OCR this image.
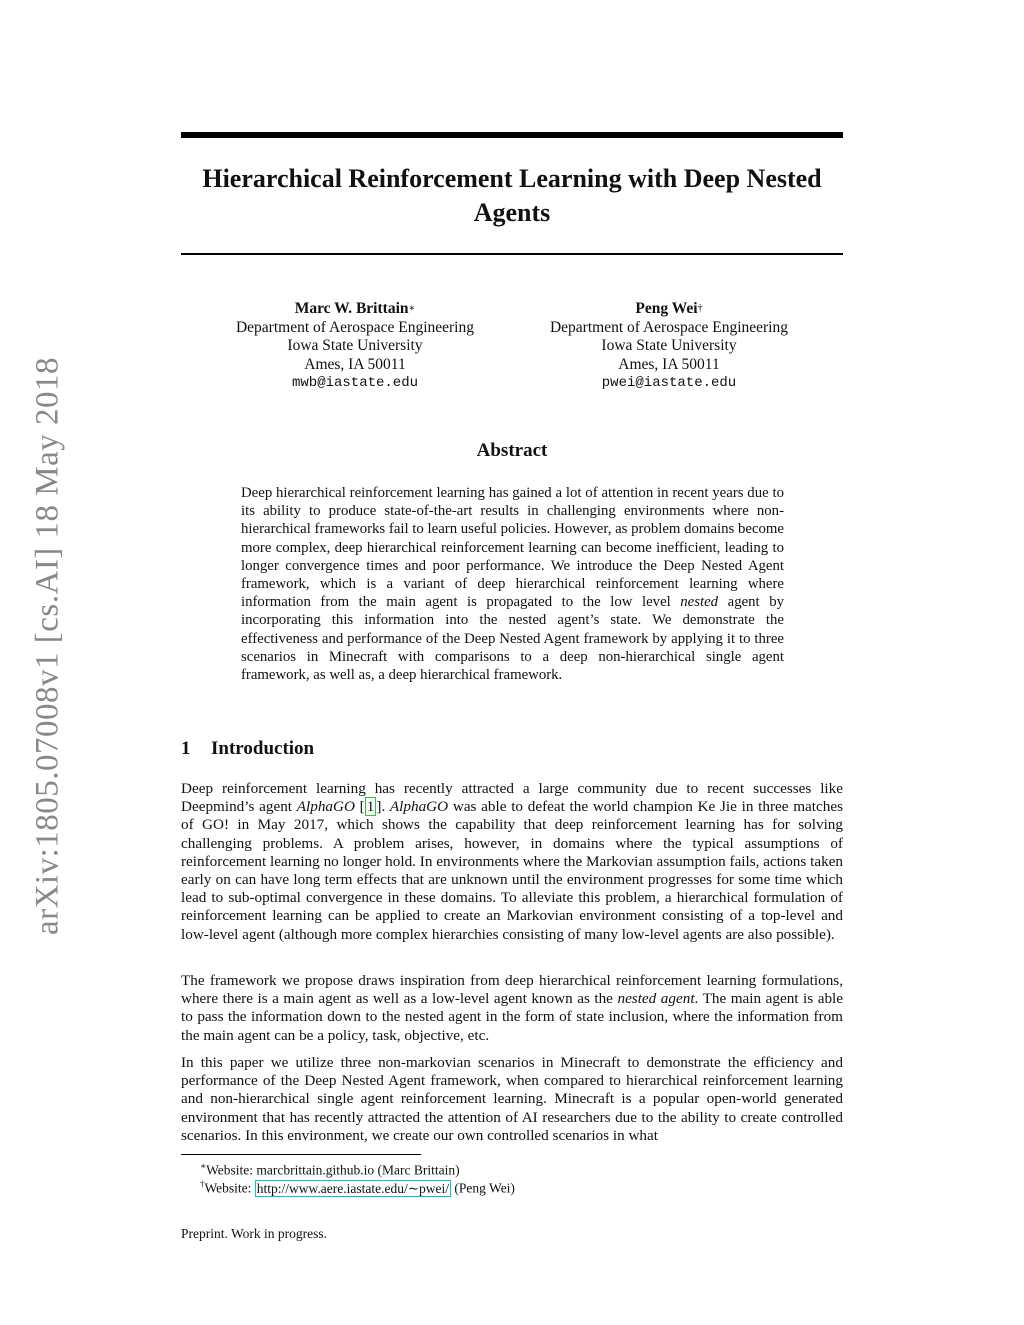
arXiv:1805.07008v1 [cs.AI] 18 May 2018
Hierarchical Reinforcement Learning with Deep Nested Agents
Marc W. Brittain∗
Department of Aerospace Engineering
Iowa State University
Ames, IA 50011
mwb@iastate.edu
Peng Wei†
Department of Aerospace Engineering
Iowa State University
Ames, IA 50011
pwei@iastate.edu
Abstract

Deep hierarchical reinforcement learning has gained a lot of attention in recent years due to its ability to produce state-of-the-art results in challenging environments where non-hierarchical frameworks fail to learn useful policies. However, as problem domains become more complex, deep hierarchical reinforcement learning can become inefficient, leading to longer convergence times and poor performance. We introduce the Deep Nested Agent framework, which is a variant of deep hierarchical reinforcement learning where information from the main agent is propagated to the low level nested agent by incorporating this information into the nested agent’s state. We demonstrate the effectiveness and performance of the Deep Nested Agent framework by applying it to three scenarios in Minecraft with comparisons to a deep non-hierarchical single agent framework, as well as, a deep hierarchical framework.

1 Introduction

Deep reinforcement learning has recently attracted a large community due to recent successes like Deepmind’s agent AlphaGO [ 1 ]. AlphaGO was able to defeat the world champion Ke Jie in three matches of GO! in May 2017, which shows the capability that deep reinforcement learning has for solving challenging problems. A problem arises, however, in domains where the typical assumptions of reinforcement learning no longer hold. In environments where the Markovian assumption fails, actions taken early on can have long term effects that are unknown until the environment progresses for some time which lead to sub-optimal convergence in these domains. To alleviate this problem, a hierarchical formulation of reinforcement learning can be applied to create an Markovian environment consisting of a top-level and low-level agent (although more complex hierarchies consisting of many low-level agents are also possible).

The framework we propose draws inspiration from deep hierarchical reinforcement learning formulations, where there is a main agent as well as a low-level agent known as the nested agent. The main agent is able to pass the information down to the nested agent in the form of state inclusion, where the information from the main agent can be a policy, task, objective, etc.

In this paper we utilize three non-markovian scenarios in Minecraft to demonstrate the efficiency and performance of the Deep Nested Agent framework, when compared to hierarchical reinforcement learning and non-hierarchical single agent reinforcement learning. Minecraft is a popular open-world generated environment that has recently attracted the attention of AI researchers due to the ability to create controlled scenarios. In this environment, we create our own controlled scenarios in what

∗Website: marcbrittain.github.io (Marc Brittain)
†Website: http://www.aere.iastate.edu/∼pwei/ (Peng Wei)
Preprint. Work in progress.
